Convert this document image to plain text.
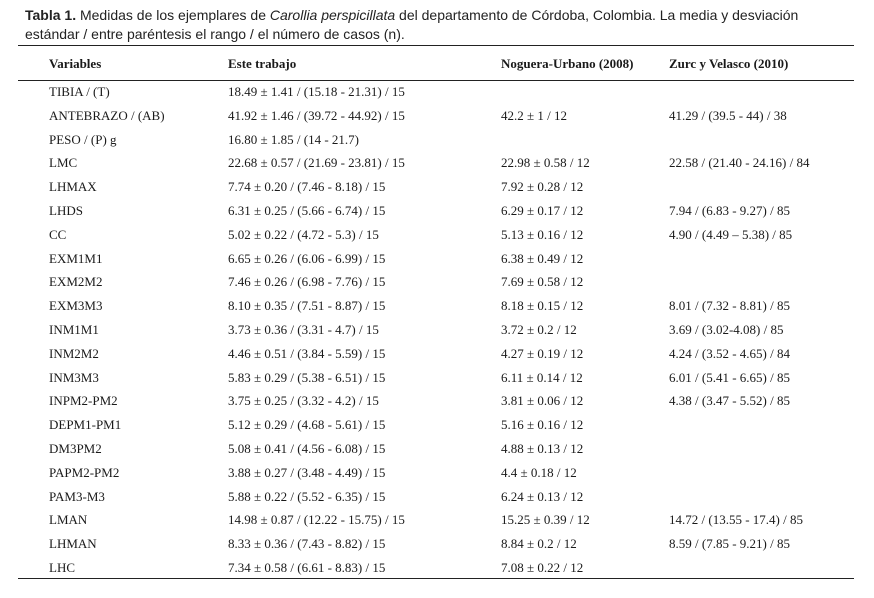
Tabla 1. Medidas de los ejemplares de Carollia perspicillata del departamento de Córdoba, Colombia. La media y desviación estándar / entre paréntesis el rango / el número de casos (n).
Variables	Este trabajo	Noguera-Urbano (2008)	Zurc y Velasco (2010)
TIBIA / (T)	18.49 ± 1.41 / (15.18 - 21.31) / 15
ANTEBRAZO / (AB)	41.92 ± 1.46 / (39.72 - 44.92) / 15	42.2 ± 1 / 12	41.29 / (39.5 - 44) / 38
PESO / (P) g	16.80 ± 1.85 / (14 - 21.7)
LMC	22.68 ± 0.57 / (21.69 - 23.81) / 15	22.98 ± 0.58 / 12	22.58 / (21.40 - 24.16) / 84
LHMAX	7.74 ± 0.20 / (7.46 - 8.18) / 15	7.92 ± 0.28 / 12
LHDS	6.31 ± 0.25 / (5.66 - 6.74) / 15	6.29 ± 0.17 / 12	7.94 / (6.83 - 9.27) / 85
CC	5.02 ± 0.22 / (4.72 - 5.3) / 15	5.13 ± 0.16 / 12	4.90 / (4.49 – 5.38) / 85
EXM1M1	6.65 ± 0.26 / (6.06 - 6.99) / 15	6.38 ± 0.49 / 12
EXM2M2	7.46 ± 0.26 / (6.98 - 7.76) / 15	7.69 ± 0.58 / 12
EXM3M3	8.10 ± 0.35 / (7.51 - 8.87) / 15	8.18 ± 0.15 / 12	8.01 / (7.32 - 8.81) / 85
INM1M1	3.73 ± 0.36 / (3.31 - 4.7) / 15	3.72 ± 0.2 / 12	3.69 / (3.02-4.08) / 85
INM2M2	4.46 ± 0.51 / (3.84 - 5.59) / 15	4.27 ± 0.19 / 12	4.24 / (3.52 - 4.65) / 84
INM3M3	5.83 ± 0.29 / (5.38 - 6.51) / 15	6.11 ± 0.14 / 12	6.01 / (5.41 - 6.65) / 85
INPM2-PM2	3.75 ± 0.25 / (3.32 - 4.2) / 15	3.81 ± 0.06 / 12	4.38 / (3.47 - 5.52) / 85
DEPM1-PM1	5.12 ± 0.29 / (4.68 - 5.61) / 15	5.16 ± 0.16 / 12
DM3PM2	5.08 ± 0.41 / (4.56 - 6.08) / 15	4.88 ± 0.13 / 12
PAPM2-PM2	3.88 ± 0.27 / (3.48 - 4.49) / 15	4.4 ± 0.18 / 12
PAM3-M3	5.88 ± 0.22 / (5.52 - 6.35) / 15	6.24 ± 0.13 / 12
LMAN	14.98 ± 0.87 / (12.22 - 15.75) / 15	15.25 ± 0.39 / 12	14.72 / (13.55 - 17.4) / 85
LHMAN	8.33 ± 0.36 / (7.43 - 8.82) / 15	8.84 ± 0.2 / 12	8.59 / (7.85 - 9.21) / 85
LHC	7.34 ± 0.58 / (6.61 - 8.83) / 15	7.08 ± 0.22 / 12
